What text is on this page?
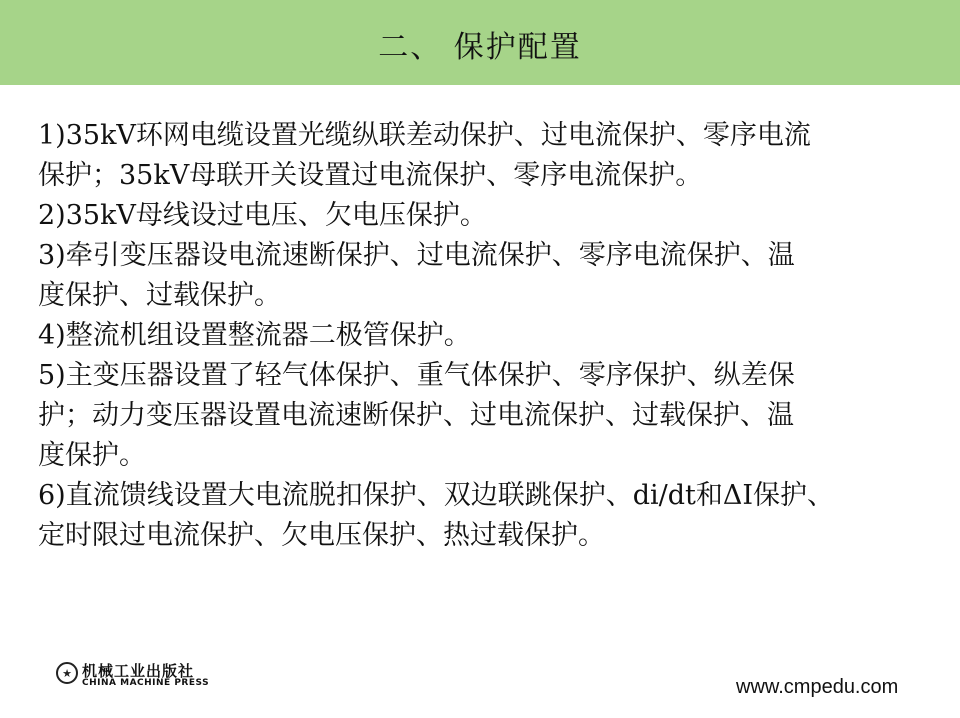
二、 保护配置
1)35kV环网电缆设置光缆纵联差动保护、过电流保护、零序电流
保护；35kV母联开关设置过电流保护、零序电流保护。
2)35kV母线设过电压、欠电压保护。
3)牵引变压器设电流速断保护、过电流保护、零序电流保护、温
度保护、过载保护。
4)整流机组设置整流器二极管保护。
5)主变压器设置了轻气体保护、重气体保护、零序保护、纵差保
护；动力变压器设置电流速断保护、过电流保护、过载保护、温
度保护。
6)直流馈线设置大电流脱扣保护、双边联跳保护、di/dt和ΔI保护、
定时限过电流保护、欠电压保护、热过载保护。
★ 机械工业出版社
CHINA MACHINE PRESS	www.cmpedu.com
